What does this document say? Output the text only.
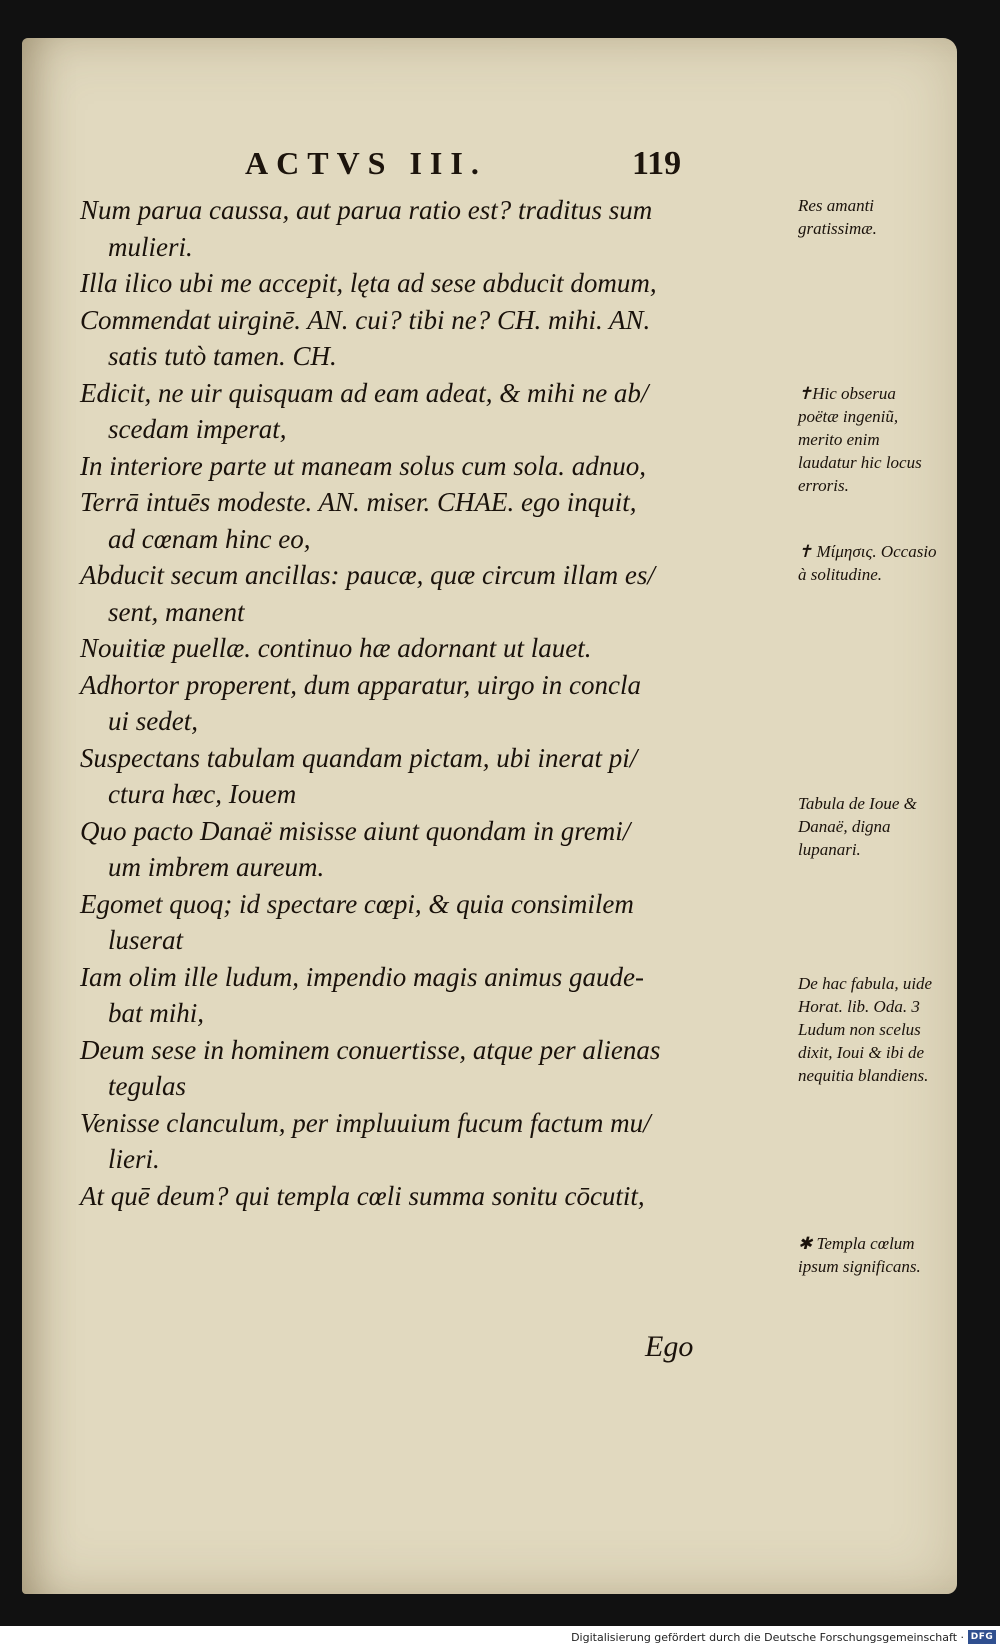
ACTVS III.	119

Num parua caussa, aut parua ratio est? traditus sum
mulieri.

Illa ilico ubi me accepit, lęta ad sese abducit domum,

Commendat uirginē. AN. cui? tibi ne? CH. mihi. AN.
satis tutò tamen. CH.

Edicit, ne uir quisquam ad eam adeat, & mihi ne ab/
scedam imperat,

In interiore parte ut maneam solus cum sola. adnuo,

Terrā intuēs modeste. AN. miser. CHAE. ego inquit,
ad cœnam hinc eo,

Abducit secum ancillas: paucæ, quæ circum illam es/
sent, manent

Nouitiæ puellæ. continuo hæ adornant ut lauet.

Adhortor properent, dum apparatur, uirgo in concla
ui sedet,

Suspectans tabulam quandam pictam, ubi inerat pi/
ctura hæc, Iouem

Quo pacto Danaë misisse aiunt quondam in gremi/
um imbrem aureum.

Egomet quoq; id spectare cœpi, & quia consimilem
luserat

Iam olim ille ludum, impendio magis animus gaude-
bat mihi,

Deum sese in hominem conuertisse, atque per alienas
tegulas

Venisse clanculum, per impluuium fucum factum mu/
lieri.

At quē deum? qui templa cœli summa sonitu cōcutit,

Res amanti gratissimæ.
✝Hic obserua poëtæ ingeniũ, merito enim laudatur hic locus erroris.
✝ Μίμησις. Occasio à solitudine.
Tabula de Ioue & Danaë, digna lupanari.
De hac fabula, uide Horat. lib. Oda. 3 Ludum non scelus dixit, Ioui & ibi de nequitia blandiens.
✱ Templa cœlum ipsum significans.
Ego
Digitalisierung gefördert durch die Deutsche Forschungsgemeinschaft · DFG
